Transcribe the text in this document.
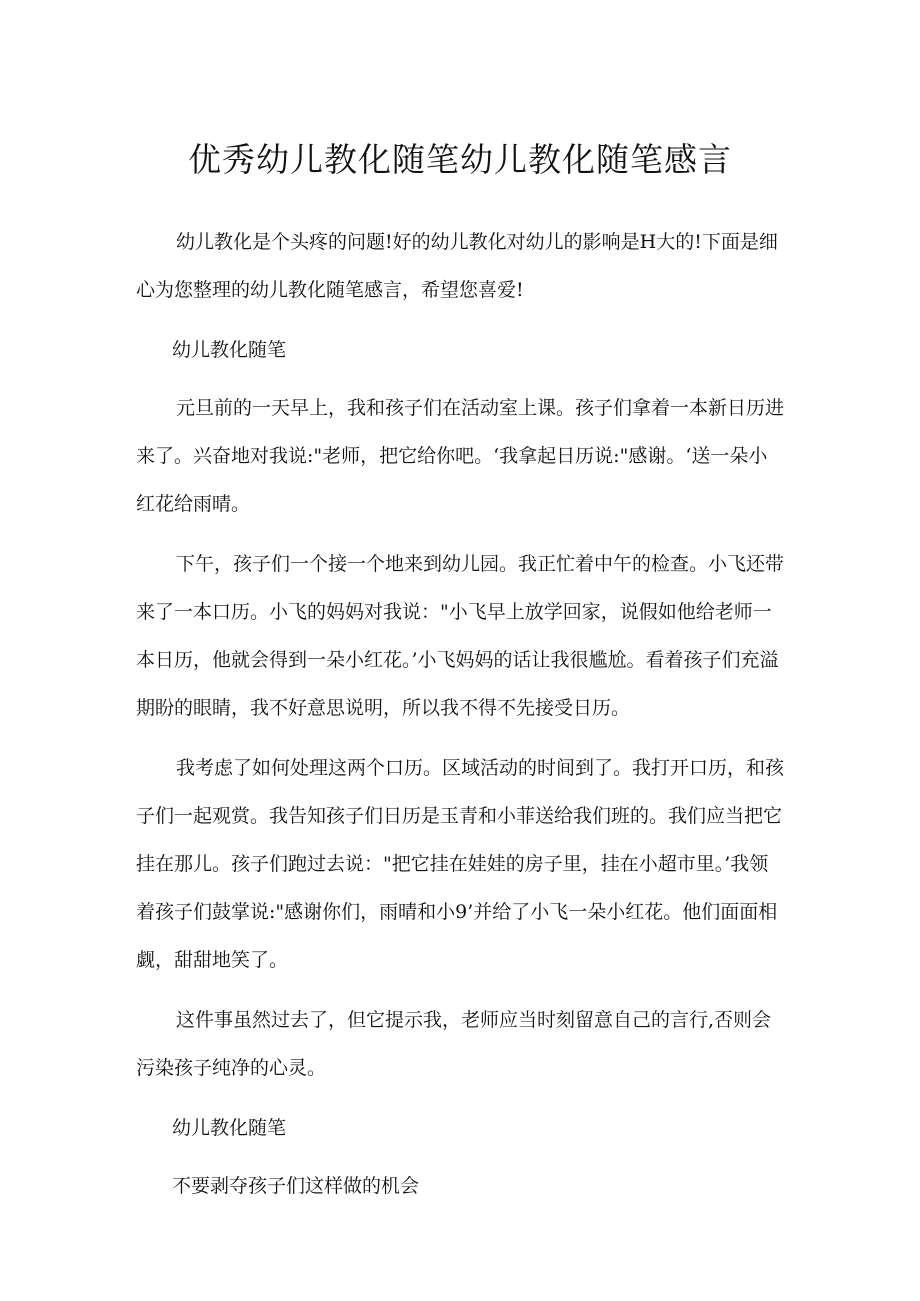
优秀幼儿教化随笔幼儿教化随笔感言

幼儿教化是个头疼的问题!好的幼儿教化对幼儿的影响是H大的!下面是细心为您整理的幼儿教化随笔感言，希望您喜爱!

幼儿教化随笔

元旦前的一天早上，我和孩子们在活动室上课。孩子们拿着一本新日历进来了。兴奋地对我说:"老师，把它给你吧。‘我拿起日历说:"感谢。‘送一朵小红花给雨晴。

下午，孩子们一个接一个地来到幼儿园。我正忙着中午的检查。小飞还带来了一本口历。小飞的妈妈对我说："小飞早上放学回家，说假如他给老师一本日历，他就会得到一朵小红花。’小飞妈妈的话让我很尴尬。看着孩子们充溢期盼的眼睛，我不好意思说明，所以我不得不先接受日历。

我考虑了如何处理这两个口历。区域活动的时间到了。我打开口历，和孩子们一起观赏。我告知孩子们日历是玉青和小菲送给我们班的。我们应当把它挂在那儿。孩子们跑过去说："把它挂在娃娃的房子里，挂在小超市里。’我领着孩子们鼓掌说:"感谢你们，雨晴和小9’并给了小飞一朵小红花。他们面面相觑，甜甜地笑了。

这件事虽然过去了，但它提示我，老师应当时刻留意自己的言行,否则会污染孩子纯净的心灵。

幼儿教化随笔

不要剥夺孩子们这样做的机会
